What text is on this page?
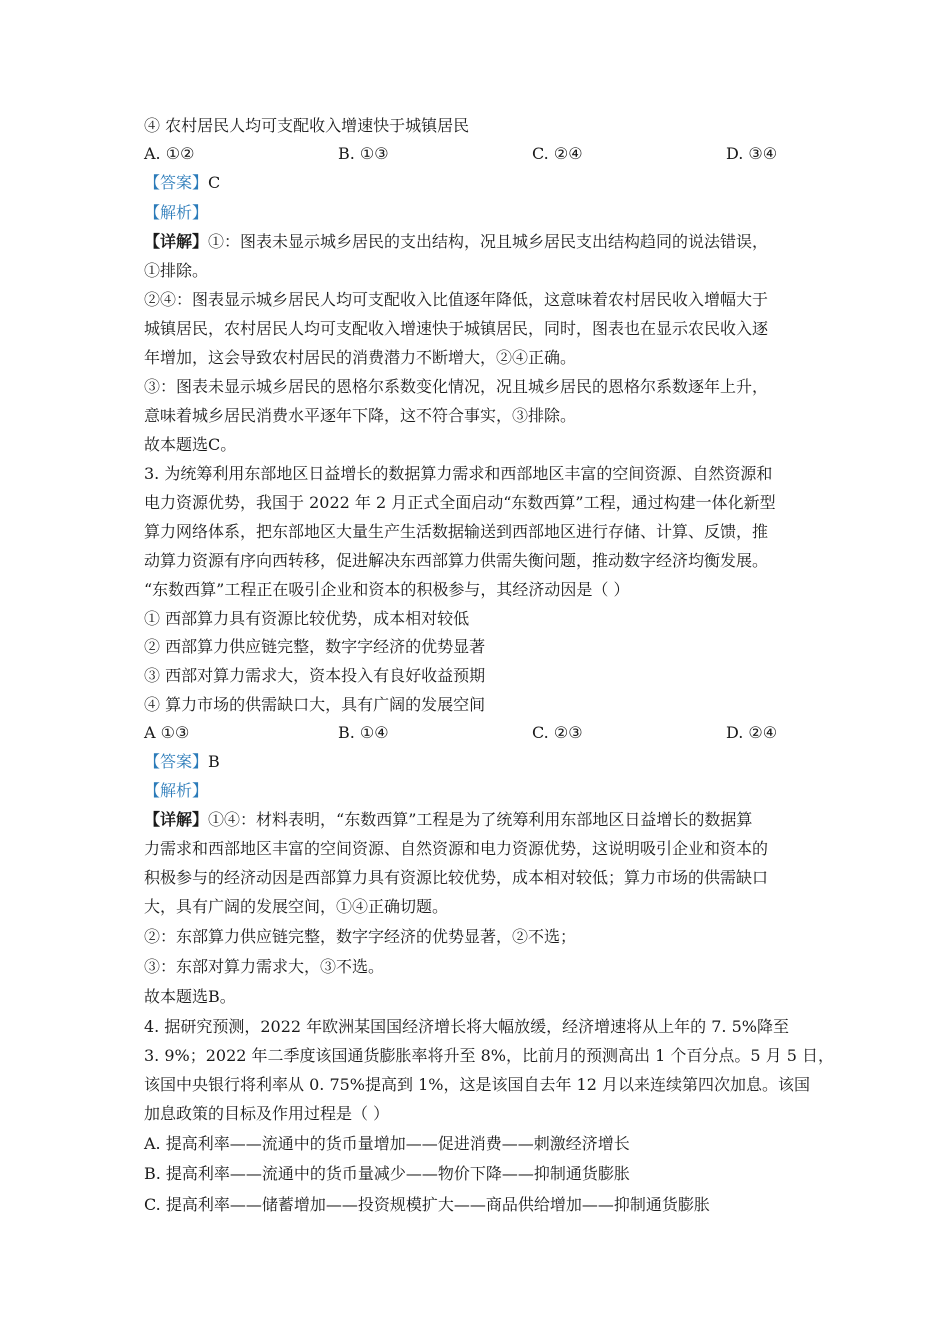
④ 农村居民人均可支配收入增速快于城镇居民
A. ①②	B. ①③	C. ②④	D. ③④
【答案】C
【解析】
【详解】①：图表未显示城乡居民的支出结构，况且城乡居民支出结构趋同的说法错误，
①排除。
②④：图表显示城乡居民人均可支配收入比值逐年降低，这意味着农村居民收入增幅大于
城镇居民，农村居民人均可支配收入增速快于城镇居民，同时，图表也在显示农民收入逐
年增加，这会导致农村居民的消费潜力不断增大，②④正确。
③：图表未显示城乡居民的恩格尔系数变化情况，况且城乡居民的恩格尔系数逐年上升，
意味着城乡居民消费水平逐年下降，这不符合事实，③排除。
故本题选C。
3. 为统筹利用东部地区日益增长的数据算力需求和西部地区丰富的空间资源、自然资源和
电力资源优势，我国于 2022 年 2 月正式全面启动“东数西算”工程，通过构建一体化新型
算力网络体系，把东部地区大量生产生活数据输送到西部地区进行存储、计算、反馈，推
动算力资源有序向西转移，促进解决东西部算力供需失衡问题，推动数字经济均衡发展。
“东数西算”工程正在吸引企业和资本的积极参与，其经济动因是（ ）
① 西部算力具有资源比较优势，成本相对较低
② 西部算力供应链完整，数字字经济的优势显著
③ 西部对算力需求大，资本投入有良好收益预期
④ 算力市场的供需缺口大，具有广阔的发展空间
A ①③	B. ①④	C. ②③	D. ②④
【答案】B
【解析】
【详解】①④：材料表明，“东数西算”工程是为了统筹利用东部地区日益增长的数据算
力需求和西部地区丰富的空间资源、自然资源和电力资源优势，这说明吸引企业和资本的
积极参与的经济动因是西部算力具有资源比较优势，成本相对较低；算力市场的供需缺口
大，具有广阔的发展空间，①④正确切题。
②：东部算力供应链完整，数字字经济的优势显著，②不选；
③：东部对算力需求大，③不选。
故本题选B。
4. 据研究预测，2022 年欧洲某国国经济增长将大幅放缓，经济增速将从上年的 7. 5%降至
3. 9%；2022 年二季度该国通货膨胀率将升至 8%，比前月的预测高出 1 个百分点。5 月 5 日，
该国中央银行将利率从 0. 75%提高到 1%，这是该国自去年 12 月以来连续第四次加息。该国
加息政策的目标及作用过程是（ ）
A. 提高利率——流通中的货币量增加——促进消费——刺激经济增长
B. 提高利率——流通中的货币量减少——物价下降——抑制通货膨胀
C. 提高利率——储蓄增加——投资规模扩大——商品供给增加——抑制通货膨胀
